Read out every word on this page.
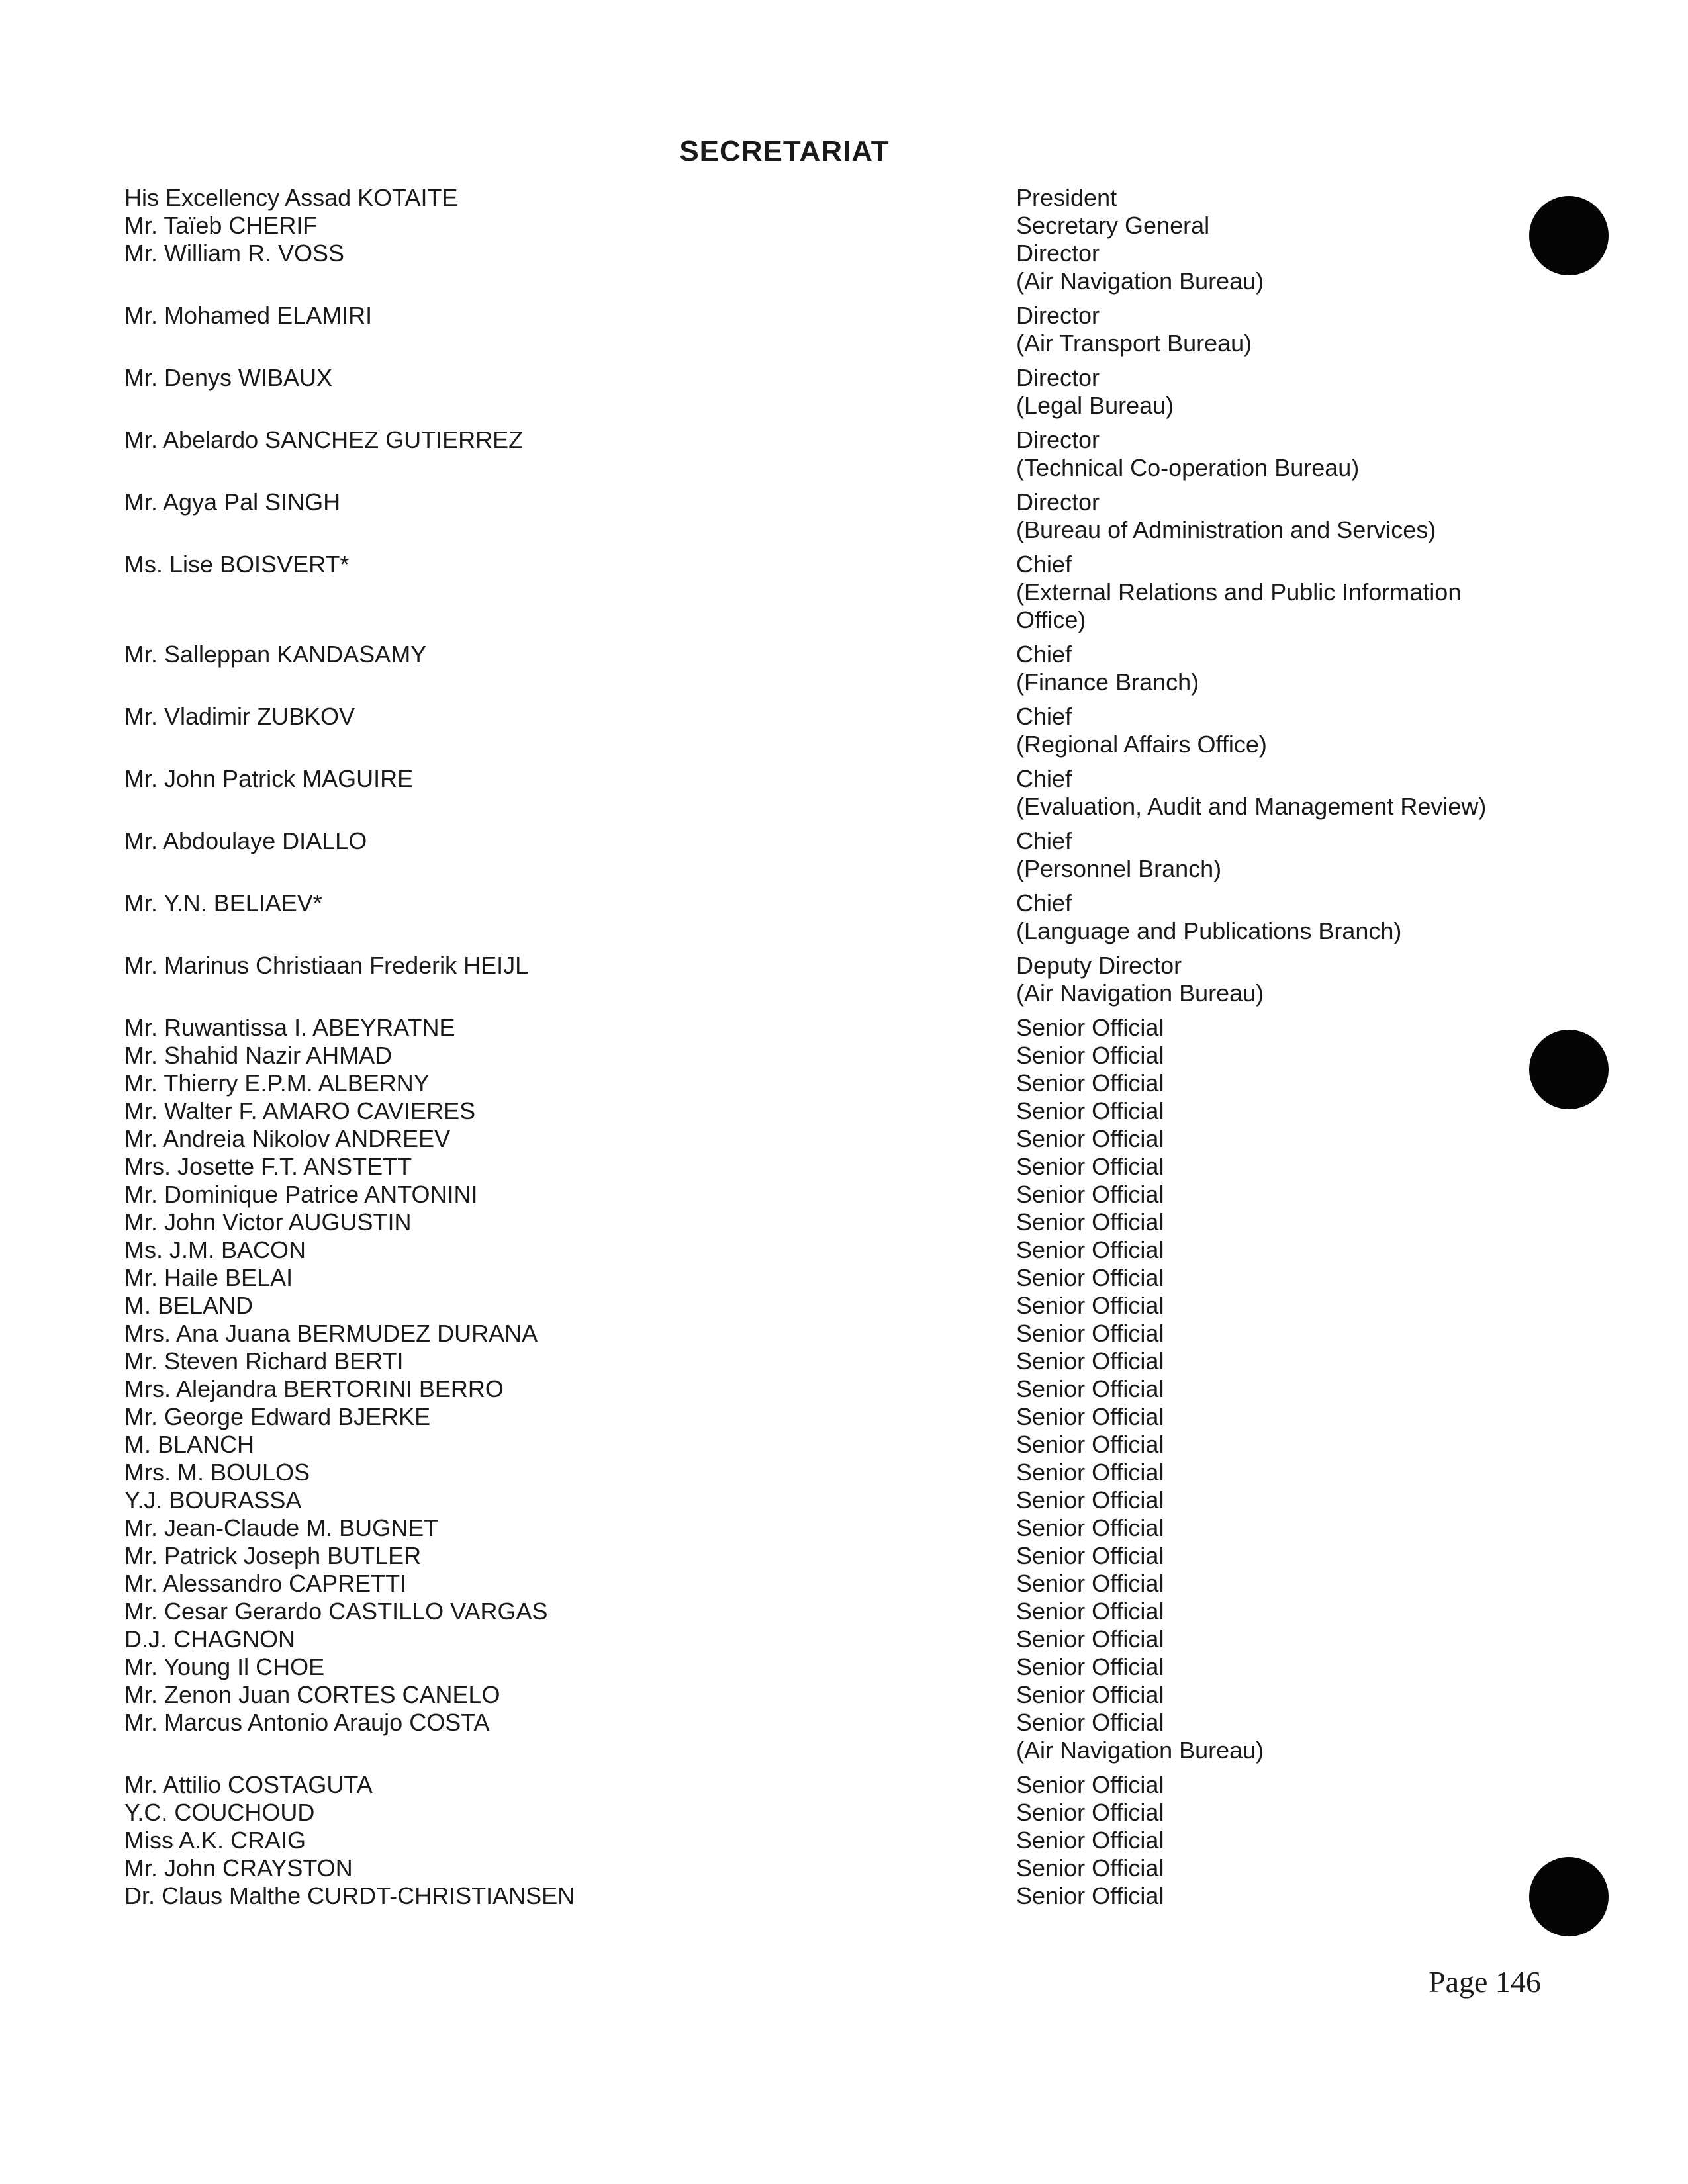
SECRETARIAT
His Excellency Assad KOTAITE	President
Mr. Taïeb CHERIF	Secretary General
Mr. William R. VOSS	Director
(Air Navigation Bureau)
Mr. Mohamed ELAMIRI	Director
(Air Transport Bureau)
Mr. Denys WIBAUX	Director
(Legal Bureau)
Mr. Abelardo SANCHEZ GUTIERREZ	Director
(Technical Co-operation Bureau)
Mr. Agya Pal SINGH	Director
(Bureau of Administration and Services)
Ms. Lise BOISVERT*	Chief
(External Relations and Public Information Office)
Mr. Salleppan KANDASAMY	Chief
(Finance Branch)
Mr. Vladimir ZUBKOV	Chief
(Regional Affairs Office)
Mr. John Patrick MAGUIRE	Chief
(Evaluation, Audit and Management Review)
Mr. Abdoulaye DIALLO	Chief
(Personnel Branch)
Mr. Y.N. BELIAEV*	Chief
(Language and Publications Branch)
Mr. Marinus Christiaan Frederik HEIJL	Deputy Director
(Air Navigation Bureau)
Mr. Ruwantissa I. ABEYRATNE	Senior Official
Mr. Shahid Nazir AHMAD	Senior Official
Mr. Thierry E.P.M. ALBERNY	Senior Official
Mr. Walter F. AMARO CAVIERES	Senior Official
Mr. Andreia Nikolov ANDREEV	Senior Official
Mrs. Josette F.T. ANSTETT	Senior Official
Mr. Dominique Patrice ANTONINI	Senior Official
Mr. John Victor AUGUSTIN	Senior Official
Ms. J.M. BACON	Senior Official
Mr. Haile BELAI	Senior Official
M. BELAND	Senior Official
Mrs. Ana Juana BERMUDEZ DURANA	Senior Official
Mr. Steven Richard BERTI	Senior Official
Mrs. Alejandra BERTORINI BERRO	Senior Official
Mr. George Edward BJERKE	Senior Official
M. BLANCH	Senior Official
Mrs. M. BOULOS	Senior Official
Y.J. BOURASSA	Senior Official
Mr. Jean-Claude M. BUGNET	Senior Official
Mr. Patrick Joseph BUTLER	Senior Official
Mr. Alessandro CAPRETTI	Senior Official
Mr. Cesar Gerardo CASTILLO VARGAS	Senior Official
D.J. CHAGNON	Senior Official
Mr. Young Il CHOE	Senior Official
Mr. Zenon Juan CORTES CANELO	Senior Official
Mr. Marcus Antonio Araujo COSTA	Senior Official
(Air Navigation Bureau)
Mr. Attilio COSTAGUTA	Senior Official
Y.C. COUCHOUD	Senior Official
Miss A.K. CRAIG	Senior Official
Mr. John CRAYSTON	Senior Official
Dr. Claus Malthe CURDT-CHRISTIANSEN	Senior Official
Page 146
